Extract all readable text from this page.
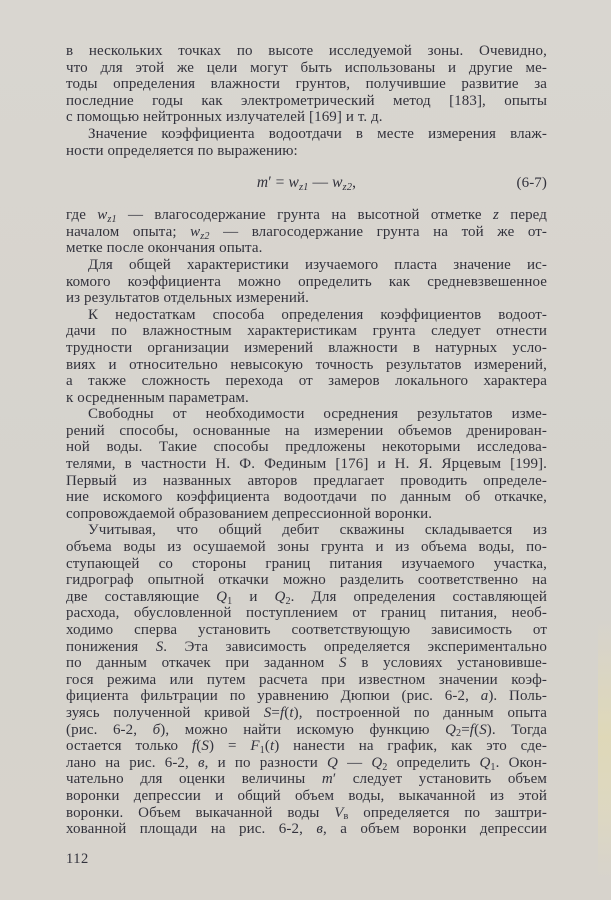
в нескольких точках по высоте исследуемой зоны. Очевидно,
что для этой же цели могут быть использованы и другие ме-
тоды определения влажности грунтов, получившие развитие за
последние годы как электрометрический метод [183], опыты
с помощью нейтронных излучателей [169] и т. д.
Значение коэффициента водоотдачи в месте измерения влаж-
ности определяется по выражению:
$m' = w_{z1}$ — $w_{z2}$,	(6-7)
где $w_{z1}$ — влагосодержание грунта на высотной отметке z перед
началом опыта; $w_{z2}$ — влагосодержание грунта на той же от-
метке после окончания опыта.
Для общей характеристики изучаемого пласта значение ис-
комого коэффициента можно определить как средневзвешенное
из результатов отдельных измерений.
К недостаткам способа определения коэффициентов водоот-
дачи по влажностным характеристикам грунта следует отнести
трудности организации измерений влажности в натурных усло-
виях и относительно невысокую точность результатов измерений,
а также сложность перехода от замеров локального характера
к осредненным параметрам.
Свободны от необходимости осреднения результатов изме-
рений способы, основанные на измерении объемов дренирован-
ной воды. Такие способы предложены некоторыми исследова-
телями, в частности Н. Ф. Фединым [176] и Н. Я. Ярцевым [199].
Первый из названных авторов предлагает проводить определе-
ние искомого коэффициента водоотдачи по данным об откачке,
сопровождаемой образованием депрессионной воронки.
Учитывая, что общий дебит скважины складывается из
объема воды из осушаемой зоны грунта и из объема воды, по-
ступающей со стороны границ питания изучаемого участка,
гидрограф опытной откачки можно разделить соответственно на
две составляющие $Q_1$ и $Q_2$. Для определения составляющей
расхода, обусловленной поступлением от границ питания, необ-
ходимо сперва установить соответствующую зависимость от
понижения S. Эта зависимость определяется экспериментально
по данным откачек при заданном S в условиях установивше-
гося режима или путем расчета при известном значении коэф-
фициента фильтрации по уравнению Дюпюи (рис. 6-2, а). Поль-
зуясь полученной кривой S=f(t), построенной по данным опыта
(рис. 6-2, б), можно найти искомую функцию $Q_2=f(S)$. Тогда
остается только $f(S) = F_1(t)$ нанести на график, как это сде-
лано на рис. 6-2, в, и по разности Q — $Q_2$ определить $Q_1$. Окон-
чательно для оценки величины m′ следует установить объем
воронки депрессии и общий объем воды, выкачанной из этой
воронки. Объем выкачанной воды $V_в$ определяется по заштри-
хованной площади на рис. 6-2, в, а объем воронки депрессии
112
